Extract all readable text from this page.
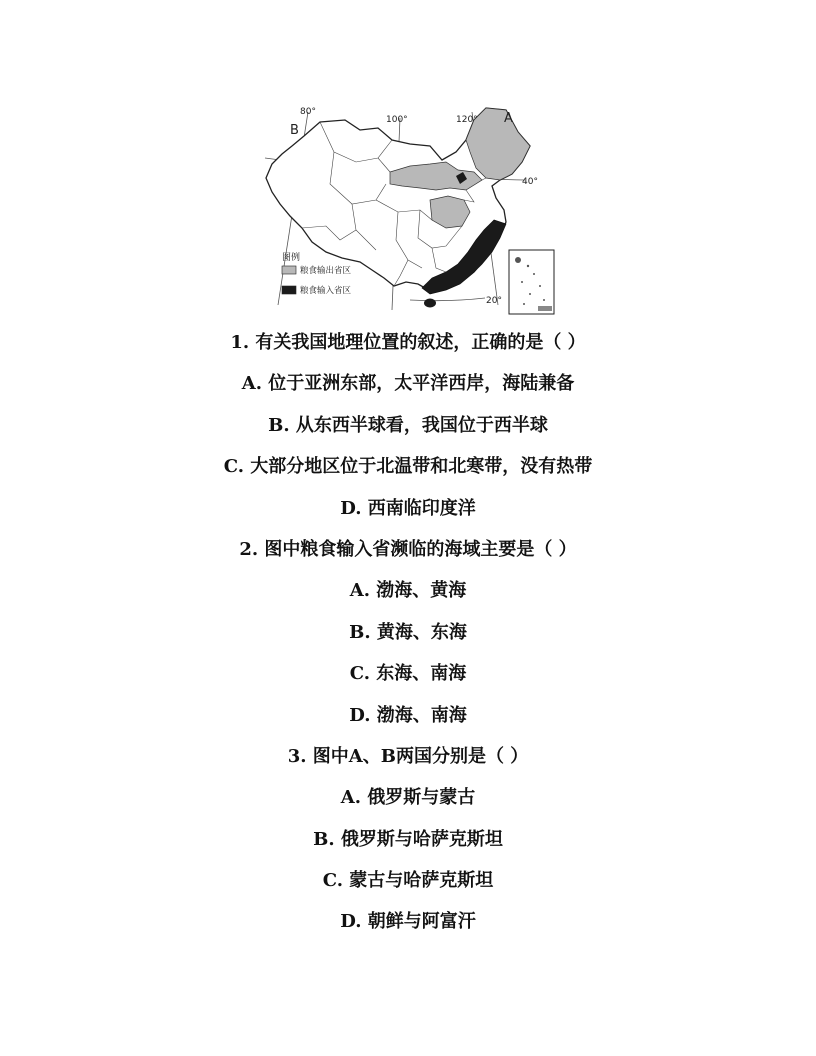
图例
粮食输出省区
粮食输入省区
B
A
80°
100°	120°
40°
20°
1. 有关我国地理位置的叙述，正确的是（ ）
A. 位于亚洲东部，太平洋西岸，海陆兼备
B. 从东西半球看，我国位于西半球
C. 大部分地区位于北温带和北寒带，没有热带
D. 西南临印度洋
2. 图中粮食输入省濒临的海域主要是（ ）
A. 渤海、黄海
B. 黄海、东海
C. 东海、南海
D. 渤海、南海
3. 图中A、B两国分别是（ ）
A. 俄罗斯与蒙古
B. 俄罗斯与哈萨克斯坦
C. 蒙古与哈萨克斯坦
D. 朝鲜与阿富汗
